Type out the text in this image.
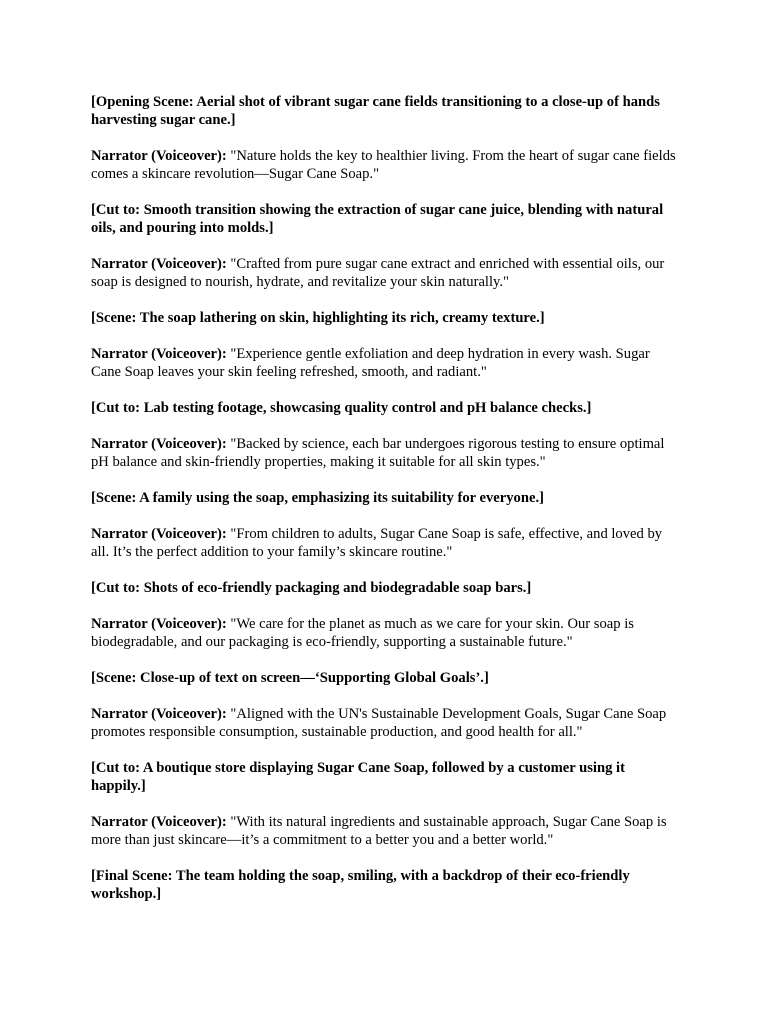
[Opening Scene: Aerial shot of vibrant sugar cane fields transitioning to a close-up of hands harvesting sugar cane.]

Narrator (Voiceover): "Nature holds the key to healthier living. From the heart of sugar cane fields comes a skincare revolution—Sugar Cane Soap."

[Cut to: Smooth transition showing the extraction of sugar cane juice, blending with natural oils, and pouring into molds.]

Narrator (Voiceover): "Crafted from pure sugar cane extract and enriched with essential oils, our soap is designed to nourish, hydrate, and revitalize your skin naturally."

[Scene: The soap lathering on skin, highlighting its rich, creamy texture.]

Narrator (Voiceover): "Experience gentle exfoliation and deep hydration in every wash. Sugar Cane Soap leaves your skin feeling refreshed, smooth, and radiant."

[Cut to: Lab testing footage, showcasing quality control and pH balance checks.]

Narrator (Voiceover): "Backed by science, each bar undergoes rigorous testing to ensure optimal pH balance and skin-friendly properties, making it suitable for all skin types."

[Scene: A family using the soap, emphasizing its suitability for everyone.]

Narrator (Voiceover): "From children to adults, Sugar Cane Soap is safe, effective, and loved by all. It’s the perfect addition to your family’s skincare routine."

[Cut to: Shots of eco-friendly packaging and biodegradable soap bars.]

Narrator (Voiceover): "We care for the planet as much as we care for your skin. Our soap is biodegradable, and our packaging is eco-friendly, supporting a sustainable future."

[Scene: Close-up of text on screen—‘Supporting Global Goals’.]

Narrator (Voiceover): "Aligned with the UN's Sustainable Development Goals, Sugar Cane Soap promotes responsible consumption, sustainable production, and good health for all."

[Cut to: A boutique store displaying Sugar Cane Soap, followed by a customer using it happily.]

Narrator (Voiceover): "With its natural ingredients and sustainable approach, Sugar Cane Soap is more than just skincare—it’s a commitment to a better you and a better world."

[Final Scene: The team holding the soap, smiling, with a backdrop of their eco-friendly workshop.]
